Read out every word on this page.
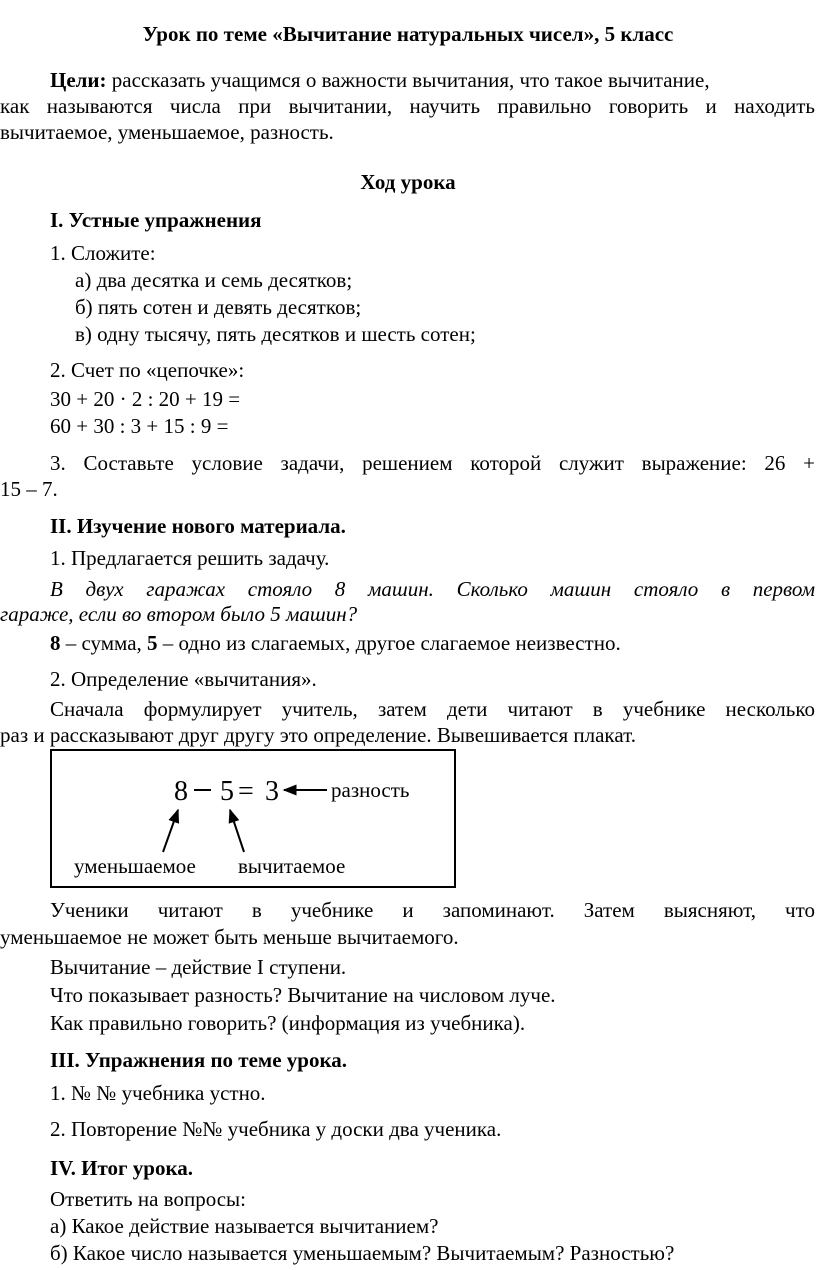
Урок по теме «Вычитание натуральных чисел», 5 класс
Цели: рассказать учащимся о важности вычитания, что такое вычитание,
как называются числа при вычитании, научить правильно говорить и находить
вычитаемое, уменьшаемое, разность.
Ход урока
I. Устные упражнения
1. Сложите:
а) два десятка и семь десятков;
б) пять сотен и девять десятков;
в) одну тысячу, пять десятков и шесть сотен;
2. Счет по «цепочке»:
30 + 20 · 2 : 20 + 19 =
60 + 30 : 3 + 15 : 9 =
3. Составьте условие задачи, решением которой служит выражение: 26 +
15 – 7.
II. Изучение нового материала.
1. Предлагается решить задачу.
В двух гаражах стояло 8 машин. Сколько машин стояло в первом
гараже, если во втором было 5 машин?
8 – сумма, 5 – одно из слагаемых, другое слагаемое неизвестно.
2. Определение «вычитания».
Сначала формулирует учитель, затем дети читают в учебнике несколько
раз и рассказывают друг другу это определение. Вывешивается плакат.
8 5 = 3 разность
уменьшаемое вычитаемое
Ученики читают в учебнике и запоминают. Затем выясняют, что
уменьшаемое не может быть меньше вычитаемого.
Вычитание – действие I ступени.
Что показывает разность? Вычитание на числовом луче.
Как правильно говорить? (информация из учебника).
III. Упражнения по теме урока.
1. № № учебника устно.
2. Повторение №№ учебника у доски два ученика.
IV. Итог урока.
Ответить на вопросы:
а) Какое действие называется вычитанием?
б) Какое число называется уменьшаемым? Вычитаемым? Разностью?
